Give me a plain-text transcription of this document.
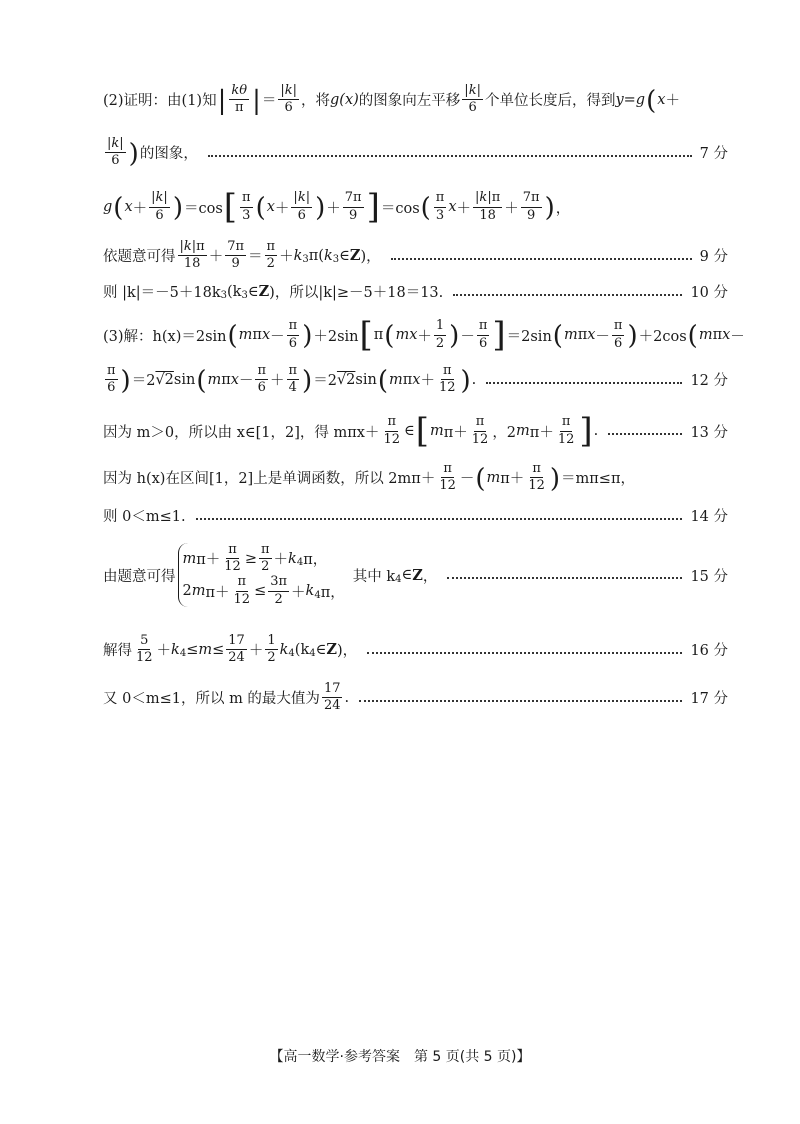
(2)证明：由(1)知 | $\frac{k\theta}{\pi}$ | ＝ $\frac{|k|}{6}$ ，将 g(x) 的图象向左平移 $\frac{|k|}{6}$ 个单位长度后，得到 y=g ( x ＋
$\frac{|k|}{6}$ ) 的图象，	7 分
g ( $x + \frac{|k|}{6}$ ) ＝cos [ $\frac{\pi}{3}$ ( $x + \frac{|k|}{6}$ ) ＋ $\frac{7\pi}{9}$ ] ＝cos ( $\frac{\pi}{3}$ $x + \frac{|k|\pi}{18} + \frac{7\pi}{9}$ ) ，
依题意可得 $\frac{|k|\pi}{18} + \frac{7\pi}{9} = \frac{\pi}{2} + k$ 3 π( k 3 ∈ Z )，	9 分
则 |k|＝－5＋18k 3 (k 3 ∈ Z )，所以|k|≥－5＋18＝13.	10 分
(3)解：h(x)＝2sin ( m π $x - \frac{\pi}{6}$ ) ＋2sin [ π ( mx ＋ $\frac{1}{2}$ ) － $\frac{\pi}{6}$ ] ＝2sin ( m π $x - \frac{\pi}{6}$ ) ＋2cos ( m π x －
$\frac{\pi}{6}$ ) ＝2 √2 sin ( m π $x - \frac{\pi}{6} + \frac{\pi}{4}$ ) ＝2 √2 sin ( m π $x + \frac{\pi}{12}$ ) .	12 分
因为 m＞0，所以由 x∈[1，2]，得 $m\pi x+ \frac{\pi}{12}$ ∈ [ m $\pi+ \frac{\pi}{12}$ ，2 m $\pi+ \frac{\pi}{12}$ ] .	13 分
因为 h(x)在区间[1，2]上是单调函数，所以 $2m\pi+ \frac{\pi}{12}$ － ( m $\pi+ \frac{\pi}{12}$ ) ＝mπ≤π，
则 0＜m≤1.	14 分
由题意可得
m $\pi+ \frac{\pi}{12} \ge \frac{\pi}{2} + k$ 4 π，
2 m $\pi+ \frac{\pi}{12} \le \frac{3\pi}{2} + k$ 4 π，
其中 k 4 ∈ Z ，	15 分
解得 $\frac{5}{12} + k$ $4 \le m \le \frac{17}{24} + \frac{1}{2}$ k 4 (k 4 ∈ Z )，	16 分
又 0＜m≤1，所以 m 的最大值为 $\frac{17}{24}$ .	17 分
【高一数学·参考答案　第 5 页(共 5 页)】
